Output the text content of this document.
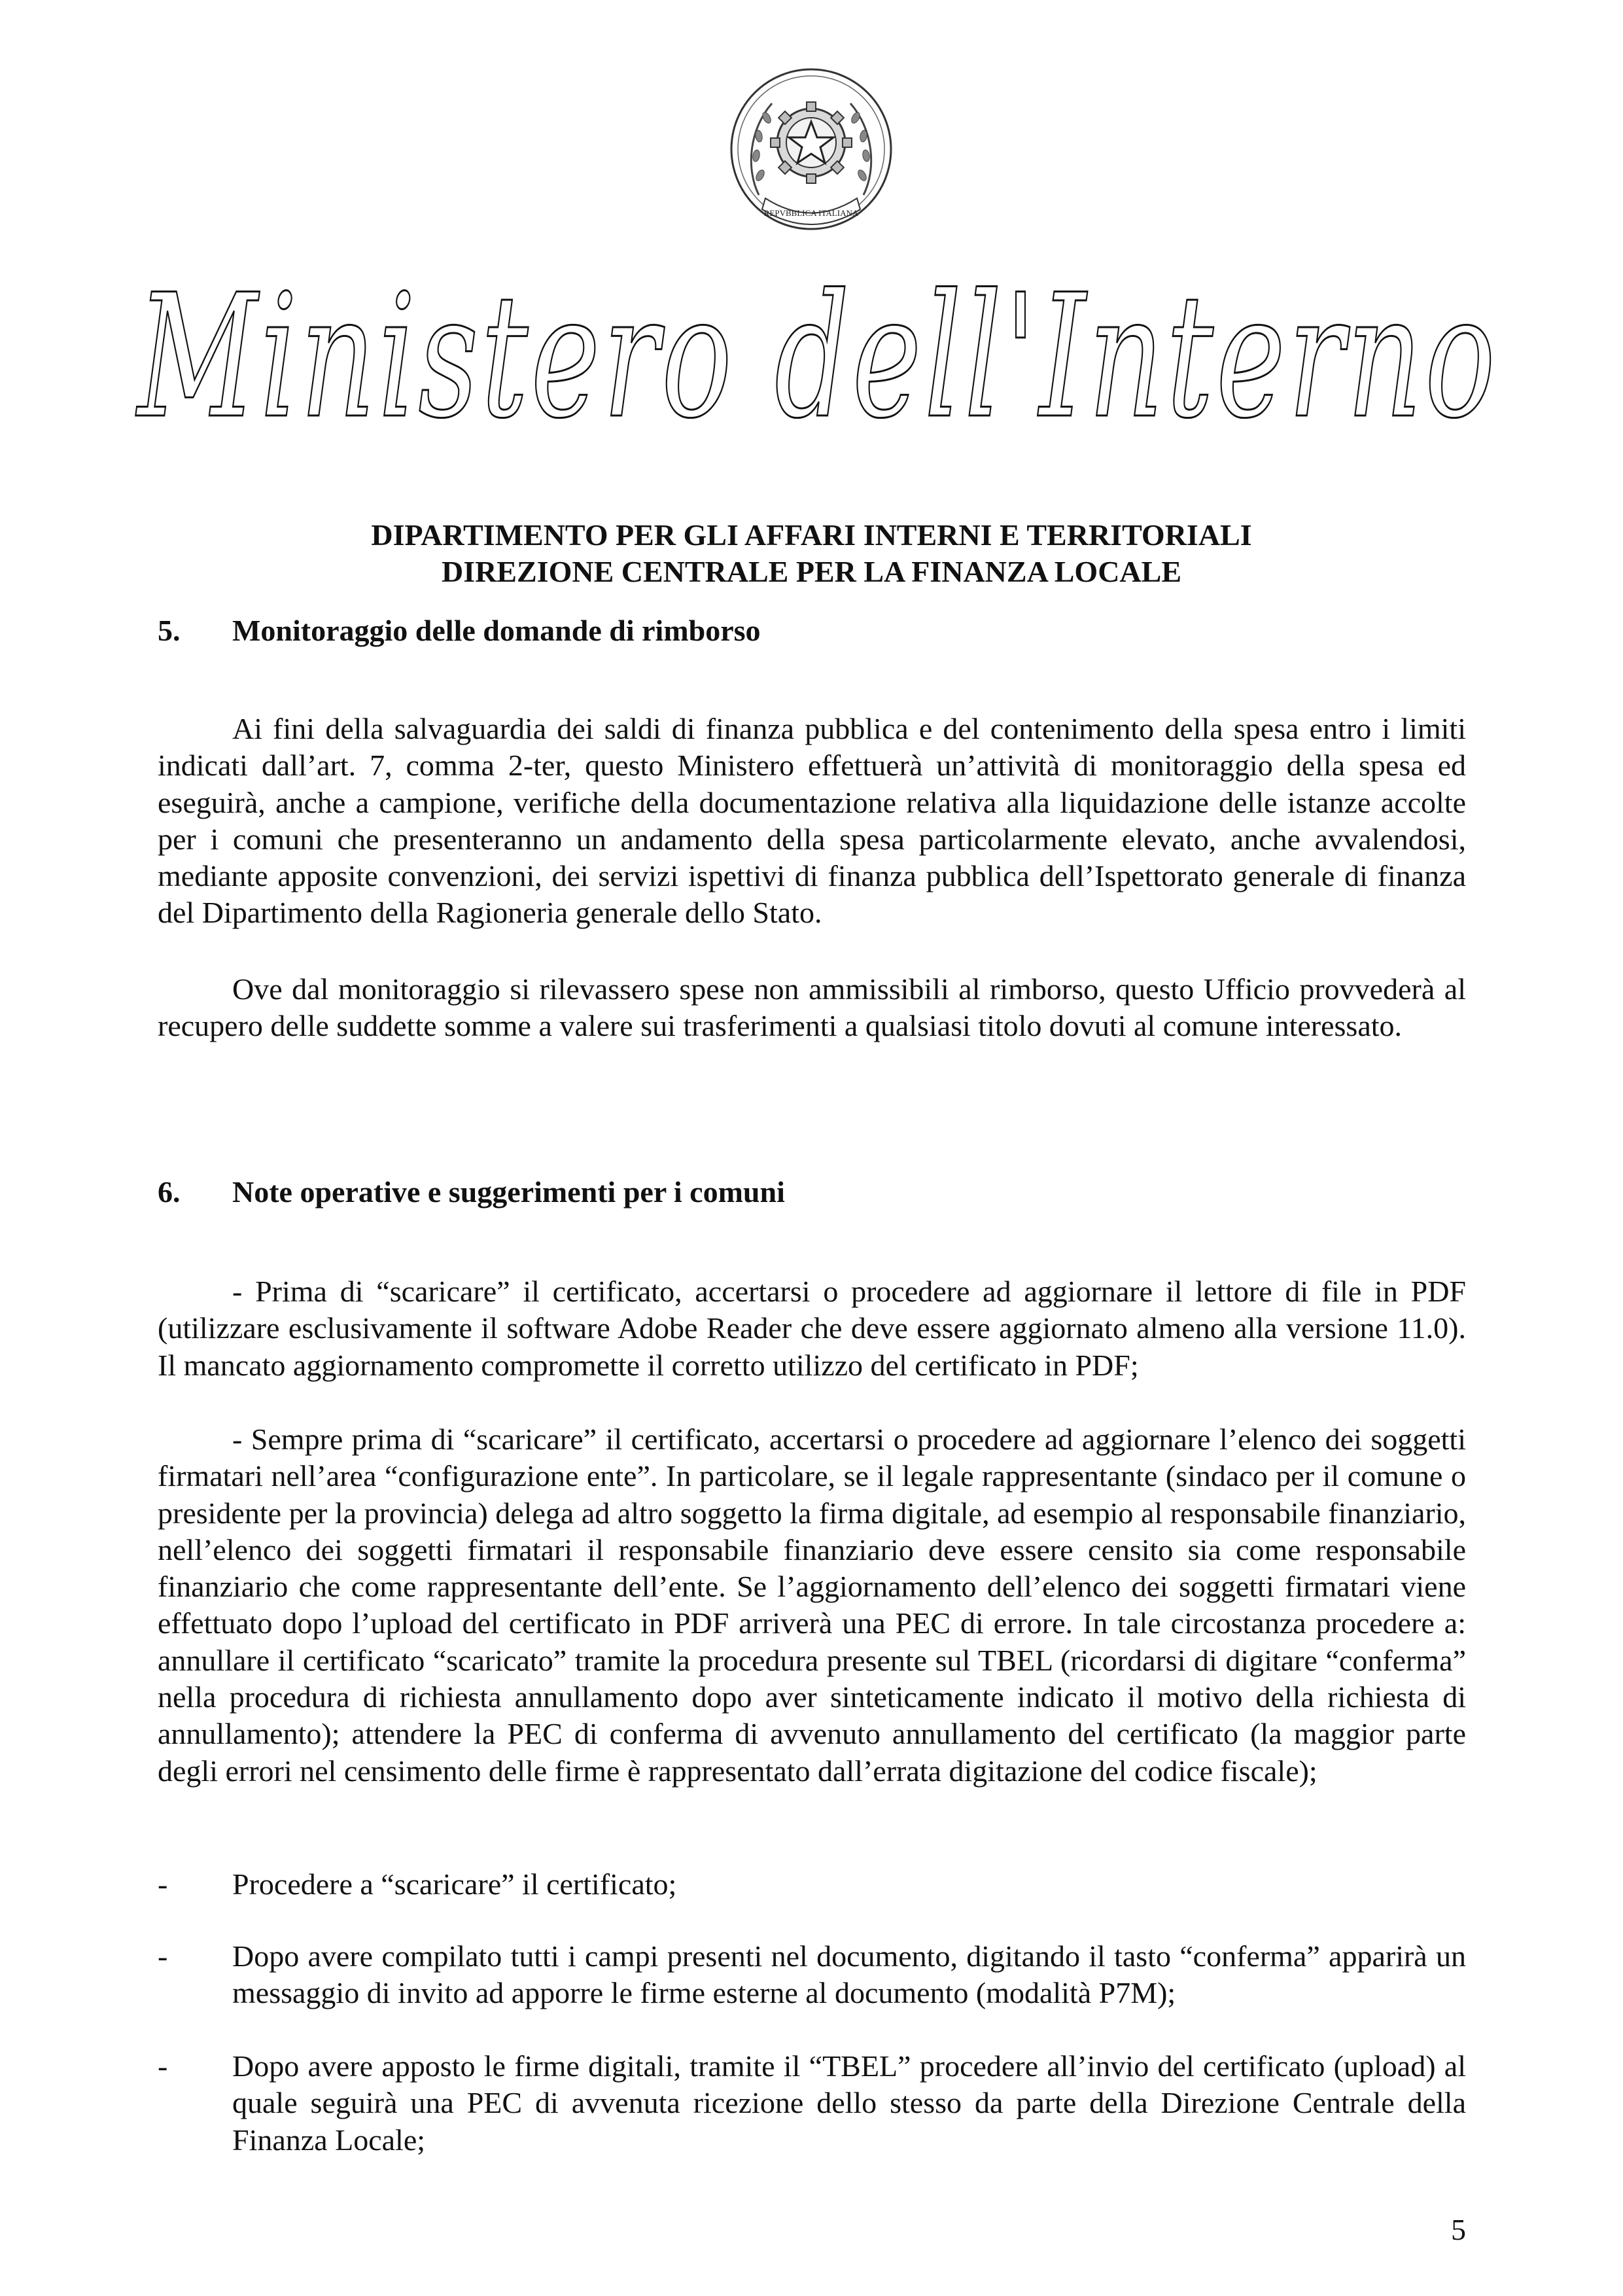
REPVBBLICA ITALIANA
Ministero dell'Interno
DIPARTIMENTO PER GLI AFFARI INTERNI E TERRITORIALI
DIREZIONE CENTRALE PER LA FINANZA LOCALE
5. Monitoraggio delle domande di rimborso

Ai fini della salvaguardia dei saldi di finanza pubblica e del contenimento della spesa entro i limiti indicati dall’art. 7, comma 2-ter, questo Ministero effettuerà un’attività di monitoraggio della spesa ed eseguirà, anche a campione, verifiche della documentazione relativa alla liquidazione delle istanze accolte per i comuni che presenteranno un andamento della spesa particolarmente elevato, anche avvalendosi, mediante apposite convenzioni, dei servizi ispettivi di finanza pubblica dell’Ispettorato generale di finanza del Dipartimento della Ragioneria generale dello Stato.

Ove dal monitoraggio si rilevassero spese non ammissibili al rimborso, questo Ufficio provvederà al recupero delle suddette somme a valere sui trasferimenti a qualsiasi titolo dovuti al comune interessato.

6. Note operative e suggerimenti per i comuni

- Prima di “scaricare” il certificato, accertarsi o procedere ad aggiornare il lettore di file in PDF (utilizzare esclusivamente il software Adobe Reader che deve essere aggiornato almeno alla versione 11.0). Il mancato aggiornamento compromette il corretto utilizzo del certificato in PDF;

- Sempre prima di “scaricare” il certificato, accertarsi o procedere ad aggiornare l’elenco dei soggetti firmatari nell’area “configurazione ente”. In particolare, se il legale rappresentante (sindaco per il comune o presidente per la provincia) delega ad altro soggetto la firma digitale, ad esempio al responsabile finanziario, nell’elenco dei soggetti firmatari il responsabile finanziario deve essere censito sia come responsabile finanziario che come rappresentante dell’ente. Se l’aggiornamento dell’elenco dei soggetti firmatari viene effettuato dopo l’upload del certificato in PDF arriverà una PEC di errore. In tale circostanza procedere a: annullare il certificato “scaricato” tramite la procedura presente sul TBEL (ricordarsi di digitare “conferma” nella procedura di richiesta annullamento dopo aver sinteticamente indicato il motivo della richiesta di annullamento); attendere la PEC di conferma di avvenuto annullamento del certificato (la maggior parte degli errori nel censimento delle firme è rappresentato dall’errata digitazione del codice fiscale);

-	Procedere a “scaricare” il certificato;
-	Dopo avere compilato tutti i campi presenti nel documento, digitando il tasto “conferma” apparirà un messaggio di invito ad apporre le firme esterne al documento (modalità P7M);
-	Dopo avere apposto le firme digitali, tramite il “TBEL” procedere all’invio del certificato (upload) al quale seguirà una PEC di avvenuta ricezione dello stesso da parte della Direzione Centrale della Finanza Locale;
5
